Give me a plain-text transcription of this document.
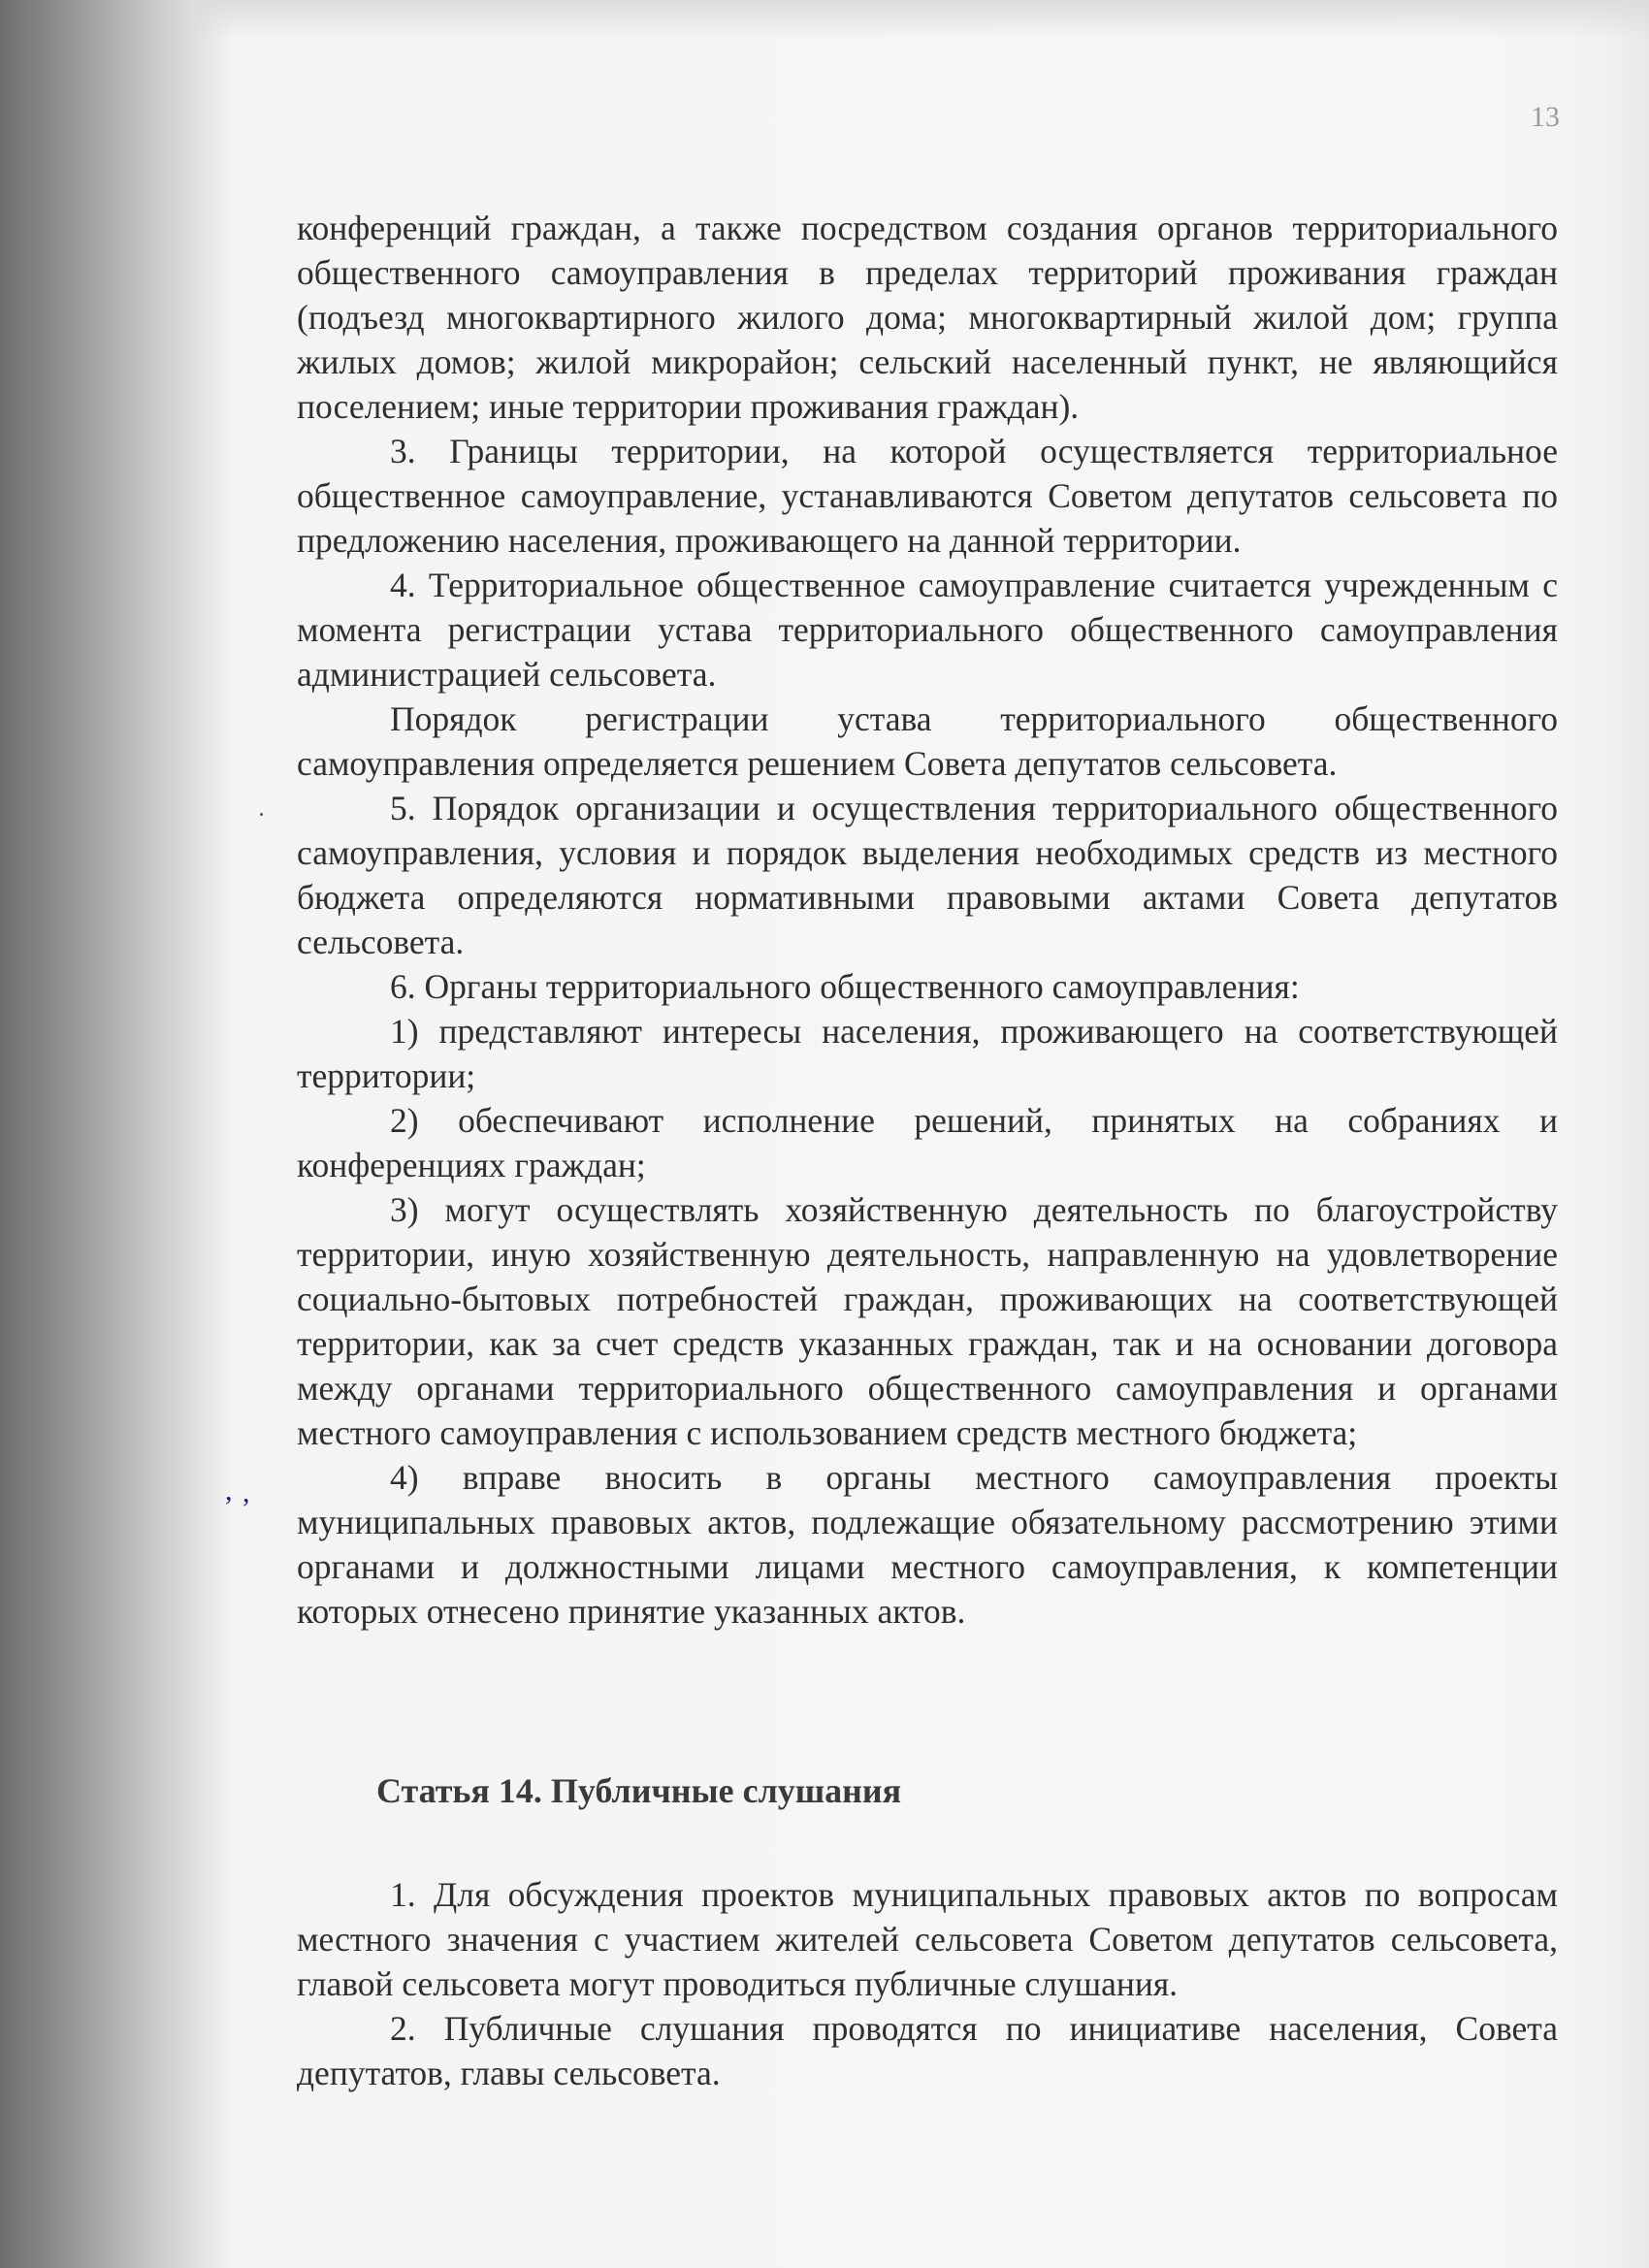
13

конференций граждан, а также посредством создания органов территориального общественного самоуправления в пределах территорий проживания граждан (подъезд многоквартирного жилого дома; многоквартирный жилой дом; группа жилых домов; жилой микрорайон; сельский населенный пункт, не являющийся поселением; иные территории проживания граждан).

3. Границы территории, на которой осуществляется территориальное общественное самоуправление, устанавливаются Советом депутатов сельсовета по предложению населения, проживающего на данной территории.

4. Территориальное общественное самоуправление считается учрежденным с момента регистрации устава территориального общественного самоуправления администрацией сельсовета.

Порядок регистрации устава территориального общественного самоуправления определяется решением Совета депутатов сельсовета.

5. Порядок организации и осуществления территориального общественного самоуправления, условия и порядок выделения необходимых средств из местного бюджета определяются нормативными правовыми актами Совета депутатов сельсовета.

6. Органы территориального общественного самоуправления:

1) представляют интересы населения, проживающего на соответствующей территории;

2) обеспечивают исполнение решений, принятых на собраниях и конференциях граждан;

3) могут осуществлять хозяйственную деятельность по благоустройству территории, иную хозяйственную деятельность, направленную на удовлетворение социально-бытовых потребностей граждан, проживающих на соответствующей территории, как за счет средств указанных граждан, так и на основании договора между органами территориального общественного самоуправления и органами местного самоуправления с использованием средств местного бюджета;

4) вправе вносить в органы местного самоуправления проекты муниципальных правовых актов, подлежащие обязательному рассмотрению этими органами и должностными лицами местного самоуправления, к компетенции которых отнесено принятие указанных актов.

Статья 14. Публичные слушания

1. Для обсуждения проектов муниципальных правовых актов по вопросам местного значения с участием жителей сельсовета Советом депутатов сельсовета, главой сельсовета могут проводиться публичные слушания.

2. Публичные слушания проводятся по инициативе населения, Совета депутатов, главы сельсовета.

, ,
